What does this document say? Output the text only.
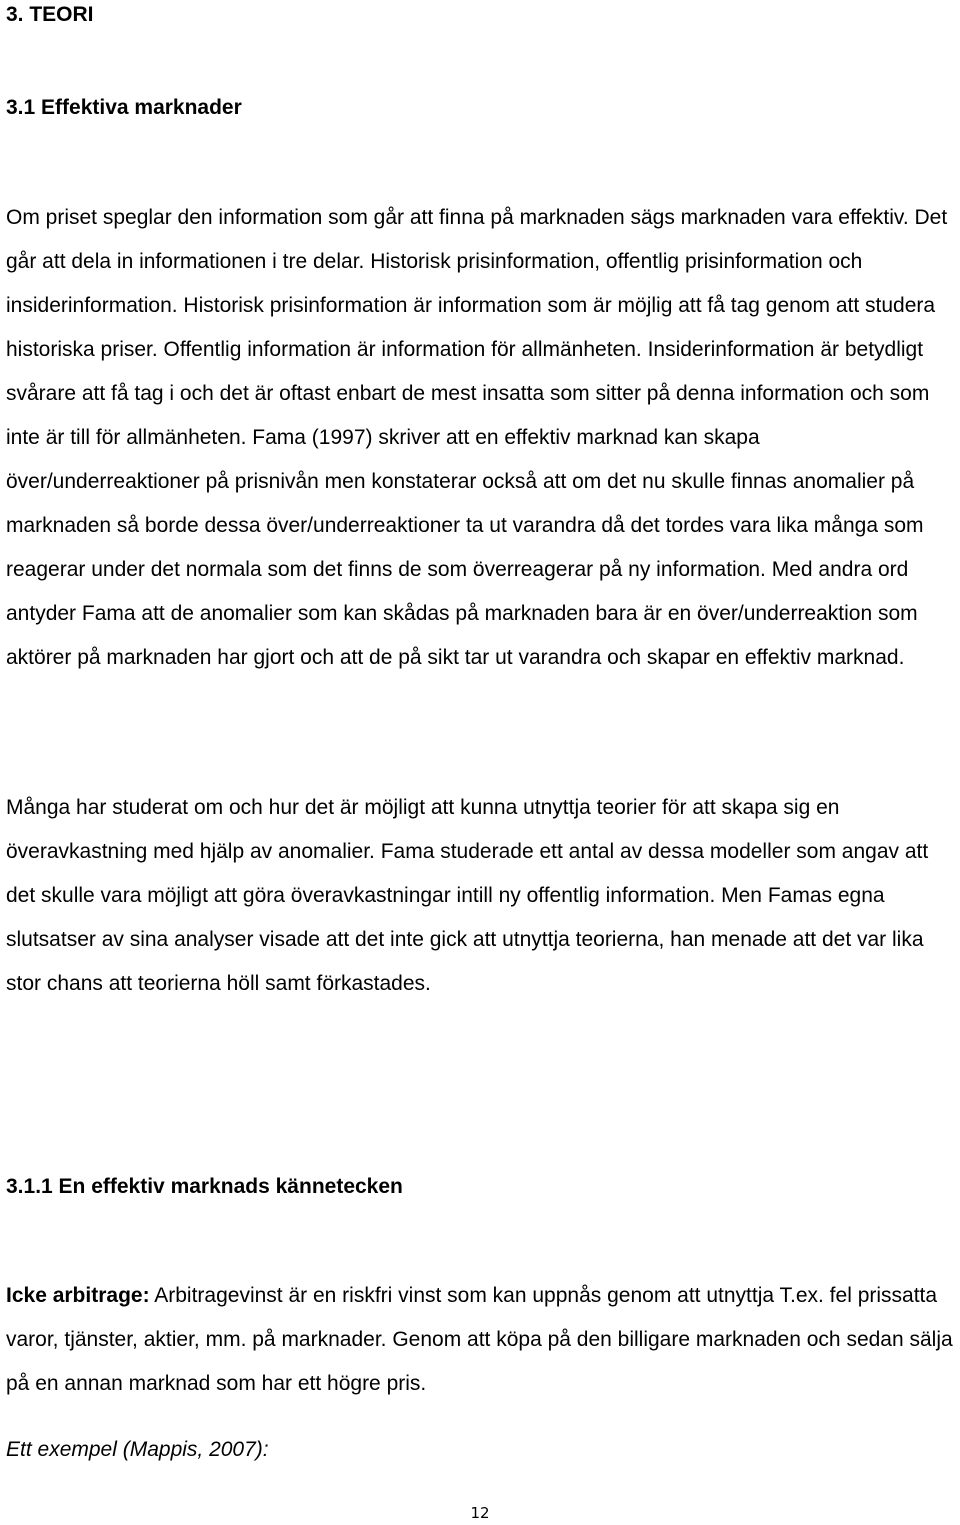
3. TEORI
3.1 Effektiva marknader

Om priset speglar den information som går att finna på marknaden sägs marknaden vara effektiv. Det går att dela in informationen i tre delar. Historisk prisinformation, offentlig prisinformation och insiderinformation. Historisk prisinformation är information som är möjlig att få tag genom att studera historiska priser. Offentlig information är information för allmänheten. Insiderinformation är betydligt svårare att få tag i och det är oftast enbart de mest insatta som sitter på denna information och som inte är till för allmänheten. Fama (1997) skriver att en effektiv marknad kan skapa över/underreaktioner på prisnivån men konstaterar också att om det nu skulle finnas anomalier på marknaden så borde dessa över/underreaktioner ta ut varandra då det tordes vara lika många som reagerar under det normala som det finns de som överreagerar på ny information. Med andra ord antyder Fama att de anomalier som kan skådas på marknaden bara är en över/underreaktion som aktörer på marknaden har gjort och att de på sikt tar ut varandra och skapar en effektiv marknad.

Många har studerat om och hur det är möjligt att kunna utnyttja teorier för att skapa sig en överavkastning med hjälp av anomalier. Fama studerade ett antal av dessa modeller som angav att det skulle vara möjligt att göra överavkastningar intill ny offentlig information. Men Famas egna slutsatser av sina analyser visade att det inte gick att utnyttja teorierna, han menade att det var lika stor chans att teorierna höll samt förkastades.

3.1.1 En effektiv marknads kännetecken

Icke arbitrage: Arbitragevinst är en riskfri vinst som kan uppnås genom att utnyttja T.ex. fel prissatta varor, tjänster, aktier, mm. på marknader. Genom att köpa på den billigare marknaden och sedan sälja på en annan marknad som har ett högre pris.

Ett exempel (Mappis, 2007):

12
